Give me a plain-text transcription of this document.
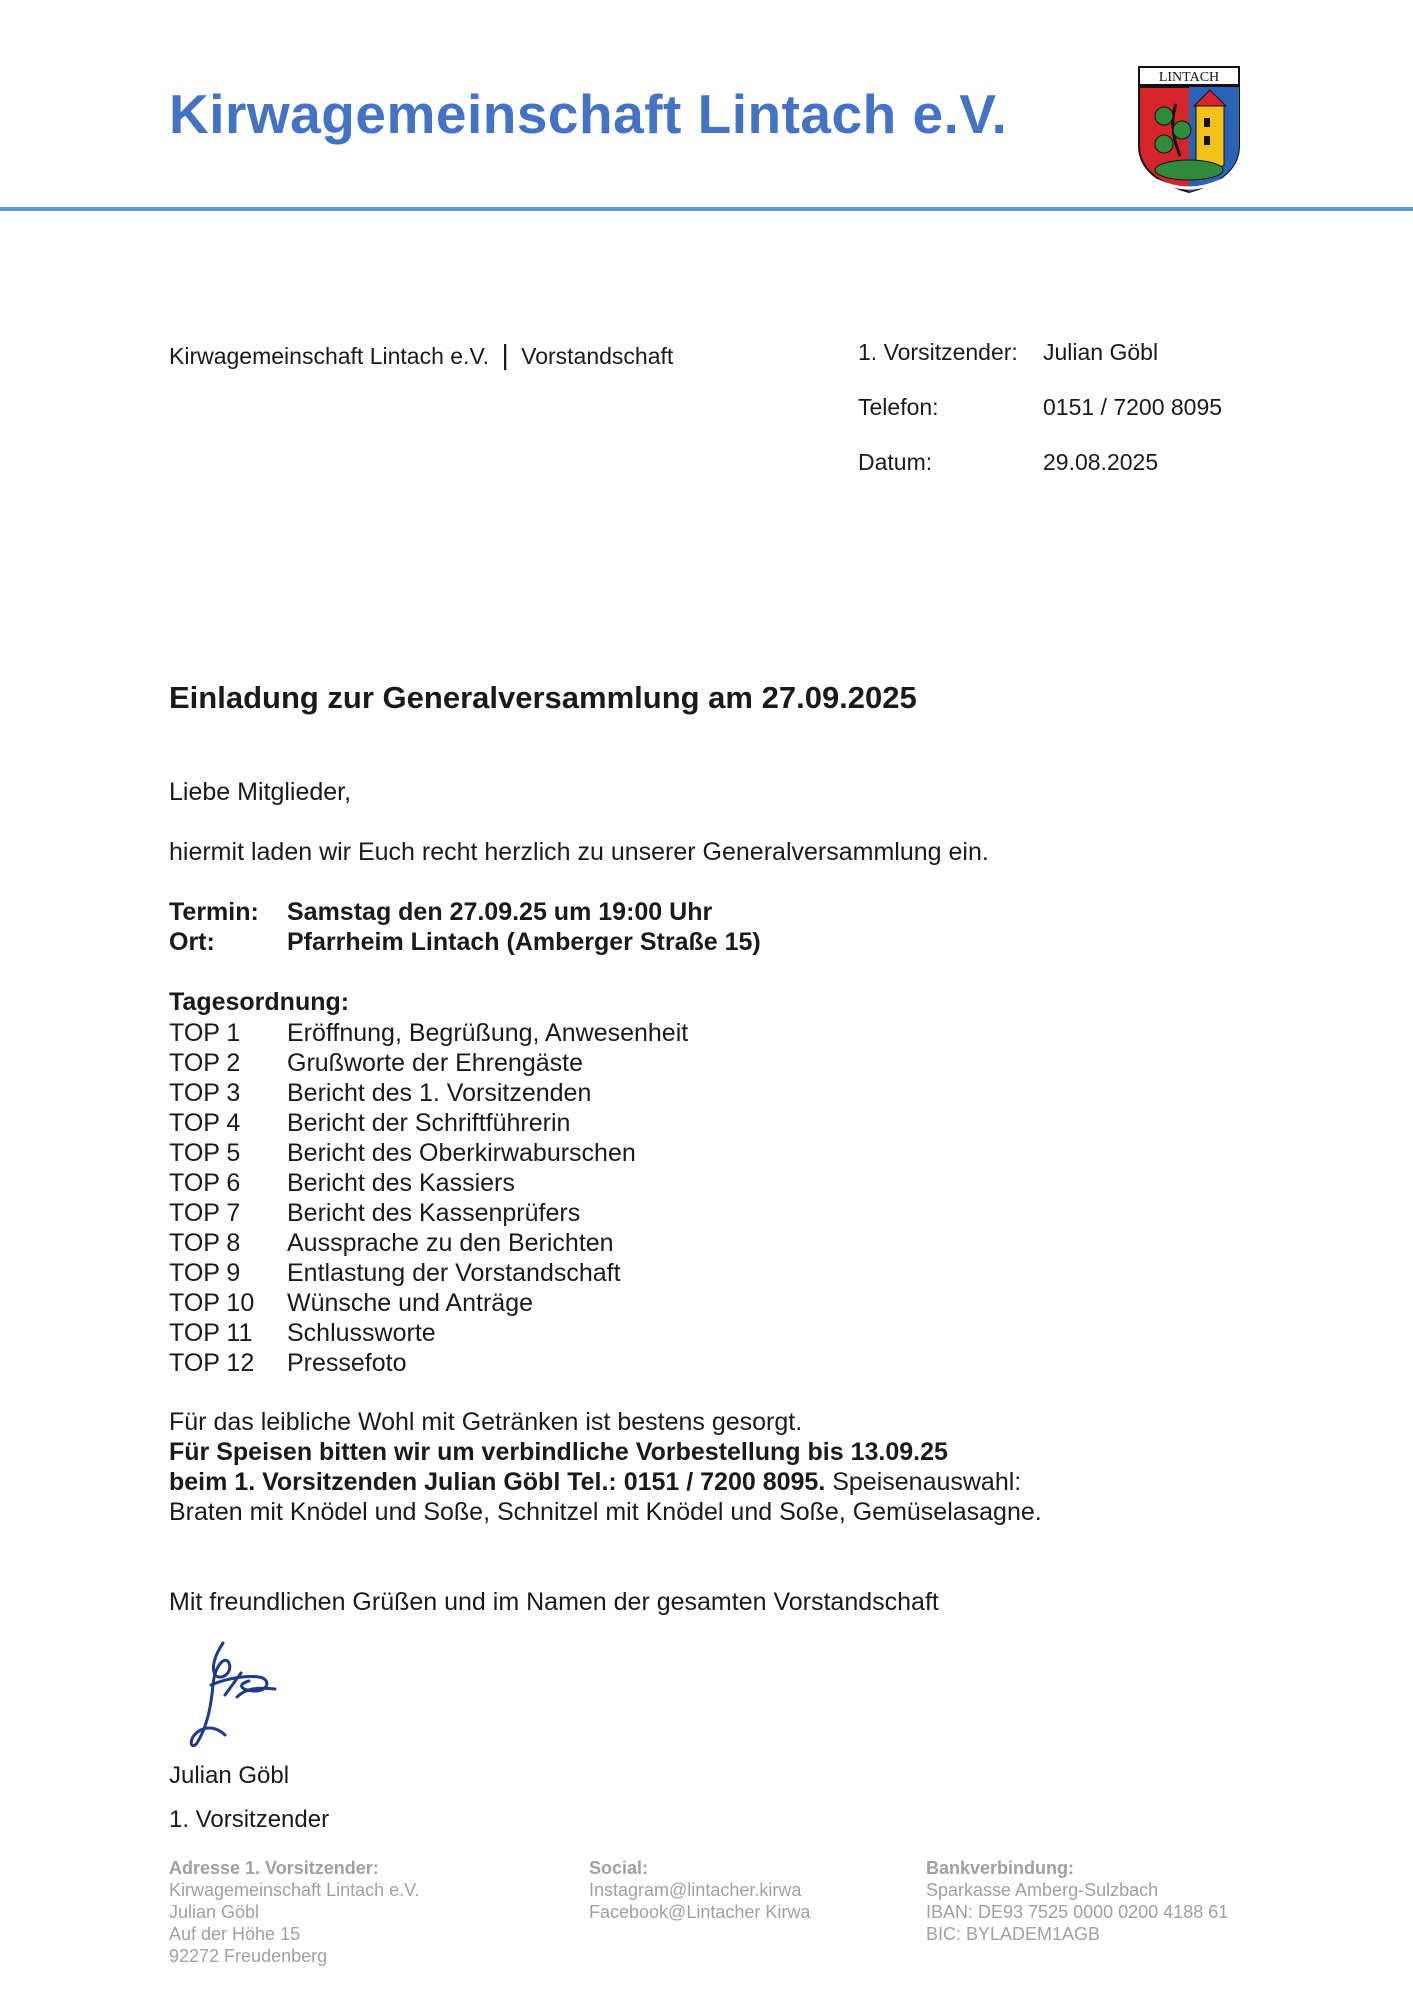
Kirwagemeinschaft Lintach e.V.
LINTACH
Kirwagemeinschaft Lintach e.V. | Vorstandschaft	1. Vorsitzender: Julian Göbl
Telefon:	0151 / 7200 8095
Datum:	29.08.2025
Einladung zur Generalversammlung am 27.09.2025
Liebe Mitglieder,
hiermit laden wir Euch recht herzlich zu unserer Generalversammlung ein.
Termin: Samstag den 27.09.25 um 19:00 Uhr
Ort:	Pfarrheim Lintach (Amberger Straße 15)
Tagesordnung:
TOP 1 Eröffnung, Begrüßung, Anwesenheit
TOP 2 Grußworte der Ehrengäste
TOP 3 Bericht des 1. Vorsitzenden
TOP 4 Bericht der Schriftführerin
TOP 5 Bericht des Oberkirwaburschen
TOP 6 Bericht des Kassiers
TOP 7 Bericht des Kassenprüfers
TOP 8 Aussprache zu den Berichten
TOP 9 Entlastung der Vorstandschaft
TOP 10 Wünsche und Anträge
TOP 11 Schlussworte
TOP 12 Pressefoto
Für das leibliche Wohl mit Getränken ist bestens gesorgt.
Für Speisen bitten wir um verbindliche Vorbestellung bis 13.09.25
beim 1. Vorsitzenden Julian Göbl Tel.: 0151 / 7200 8095. Speisenauswahl:
Braten mit Knödel und Soße, Schnitzel mit Knödel und Soße, Gemüselasagne.
Mit freundlichen Grüßen und im Namen der gesamten Vorstandschaft
Julian Göbl
1. Vorsitzender
Adresse 1. Vorsitzender:
Kirwagemeinschaft Lintach e.V.
Julian Göbl
Auf der Höhe 15
92272 Freudenberg
Social:
Instagram@lintacher.kirwa
Facebook@Lintacher Kirwa
Bankverbindung:
Sparkasse Amberg-Sulzbach
IBAN: DE93 7525 0000 0200 4188 61
BIC: BYLADEM1AGB
